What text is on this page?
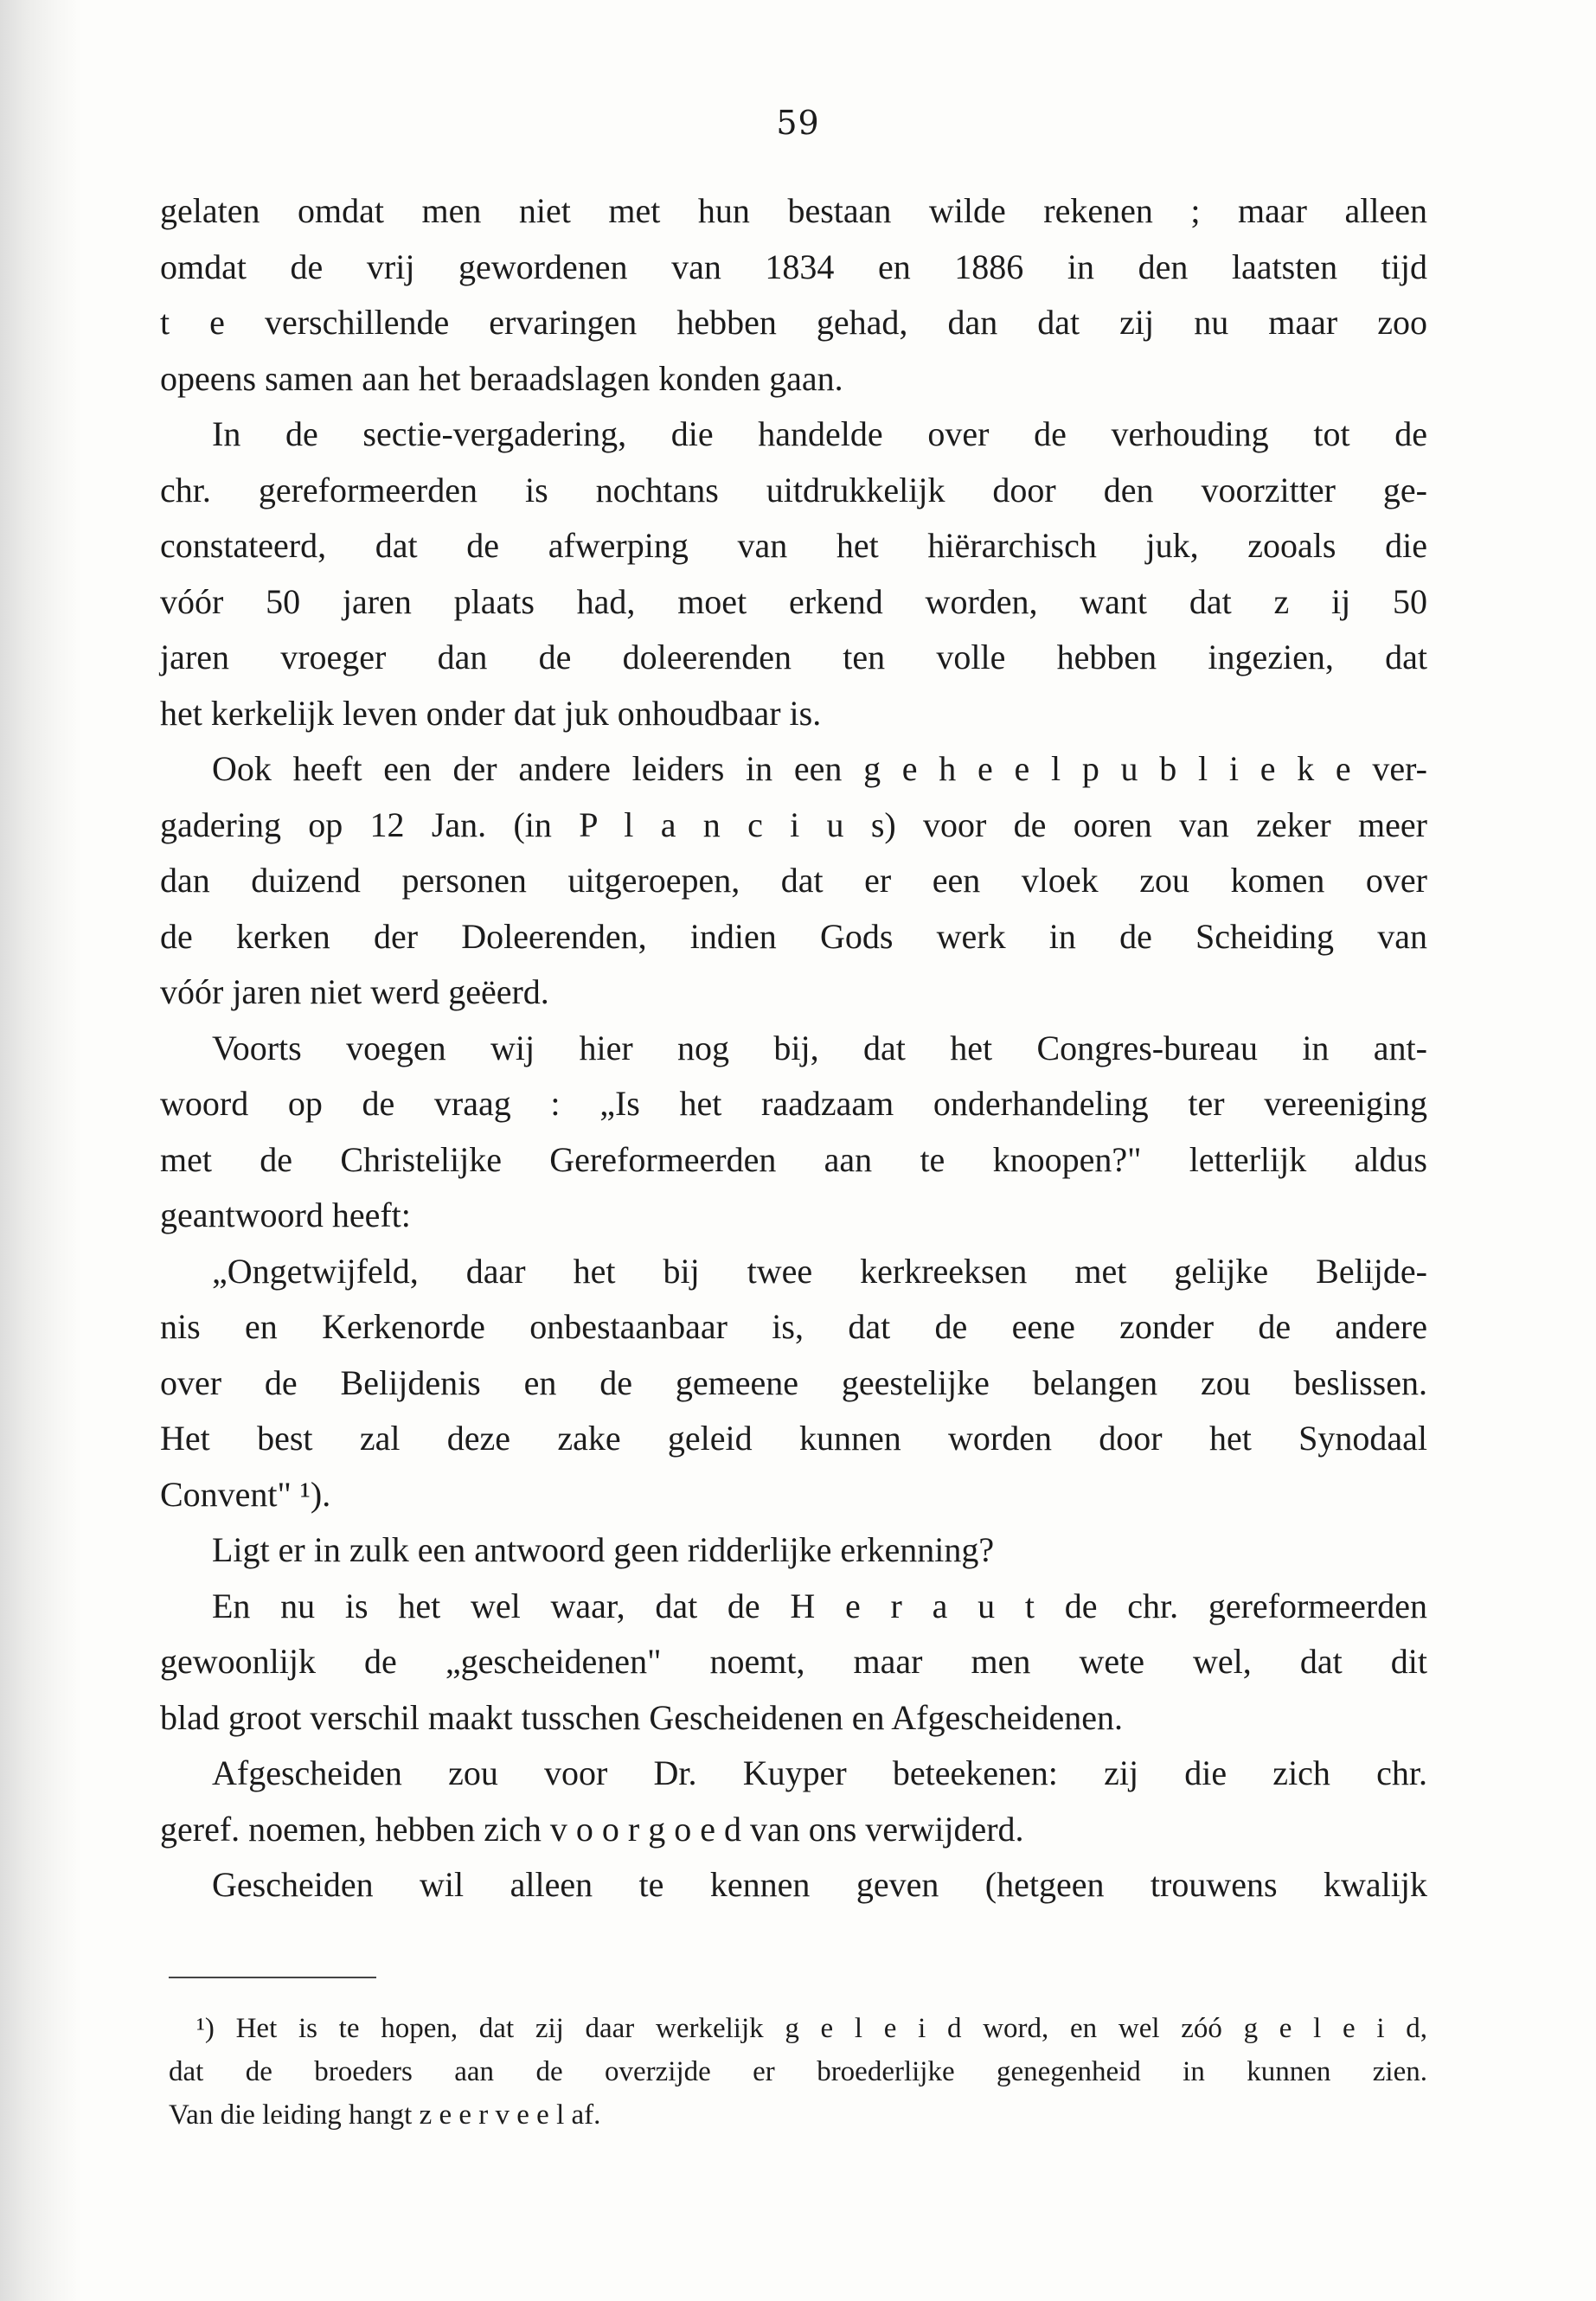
59
gelaten omdat men niet met hun bestaan wilde rekenen ; maar alleen
omdat de vrij gewordenen van 1834 en 1886 in den laatsten tijd
t e verschillende ervaringen hebben gehad, dan dat zij nu maar zoo
opeens samen aan het beraadslagen konden gaan.
In de sectie-vergadering, die handelde over de verhouding tot de
chr. gereformeerden is nochtans uitdrukkelijk door den voorzitter ge-
constateerd, dat de afwerping van het hiërarchisch juk, zooals die
vóór 50 jaren plaats had, moet erkend worden, want dat z ij 50
jaren vroeger dan de doleerenden ten volle hebben ingezien, dat
het kerkelijk leven onder dat juk onhoudbaar is.
Ook heeft een der andere leiders in een g e h e e l p u b l i e k e ver-
gadering op 12 Jan. (in P l a n c i u s) voor de ooren van zeker meer
dan duizend personen uitgeroepen, dat er een vloek zou komen over
de kerken der Doleerenden, indien Gods werk in de Scheiding van
vóór jaren niet werd geëerd.
Voorts voegen wij hier nog bij, dat het Congres-bureau in ant-
woord op de vraag : „Is het raadzaam onderhandeling ter vereeniging
met de Christelijke Gereformeerden aan te knoopen?" letterlijk aldus
geantwoord heeft:
„Ongetwijfeld, daar het bij twee kerkreeksen met gelijke Belijde-
nis en Kerkenorde onbestaanbaar is, dat de eene zonder de andere
over de Belijdenis en de gemeene geestelijke belangen zou beslissen.
Het best zal deze zake geleid kunnen worden door het Synodaal
Convent" ¹).
Ligt er in zulk een antwoord geen ridderlijke erkenning?
En nu is het wel waar, dat de H e r a u t de chr. gereformeerden
gewoonlijk de „gescheidenen" noemt, maar men wete wel, dat dit
blad groot verschil maakt tusschen Gescheidenen en Afgescheidenen.
Afgescheiden zou voor Dr. Kuyper beteekenen: zij die zich chr.
geref. noemen, hebben zich v o o r g o e d van ons verwijderd.
Gescheiden wil alleen te kennen geven (hetgeen trouwens kwalijk
¹) Het is te hopen, dat zij daar werkelijk g e l e i d word, en wel zóó g e l e i d,
dat de broeders aan de overzijde er broederlijke genegenheid in kunnen zien.
Van die leiding hangt z e e r v e e l af.
